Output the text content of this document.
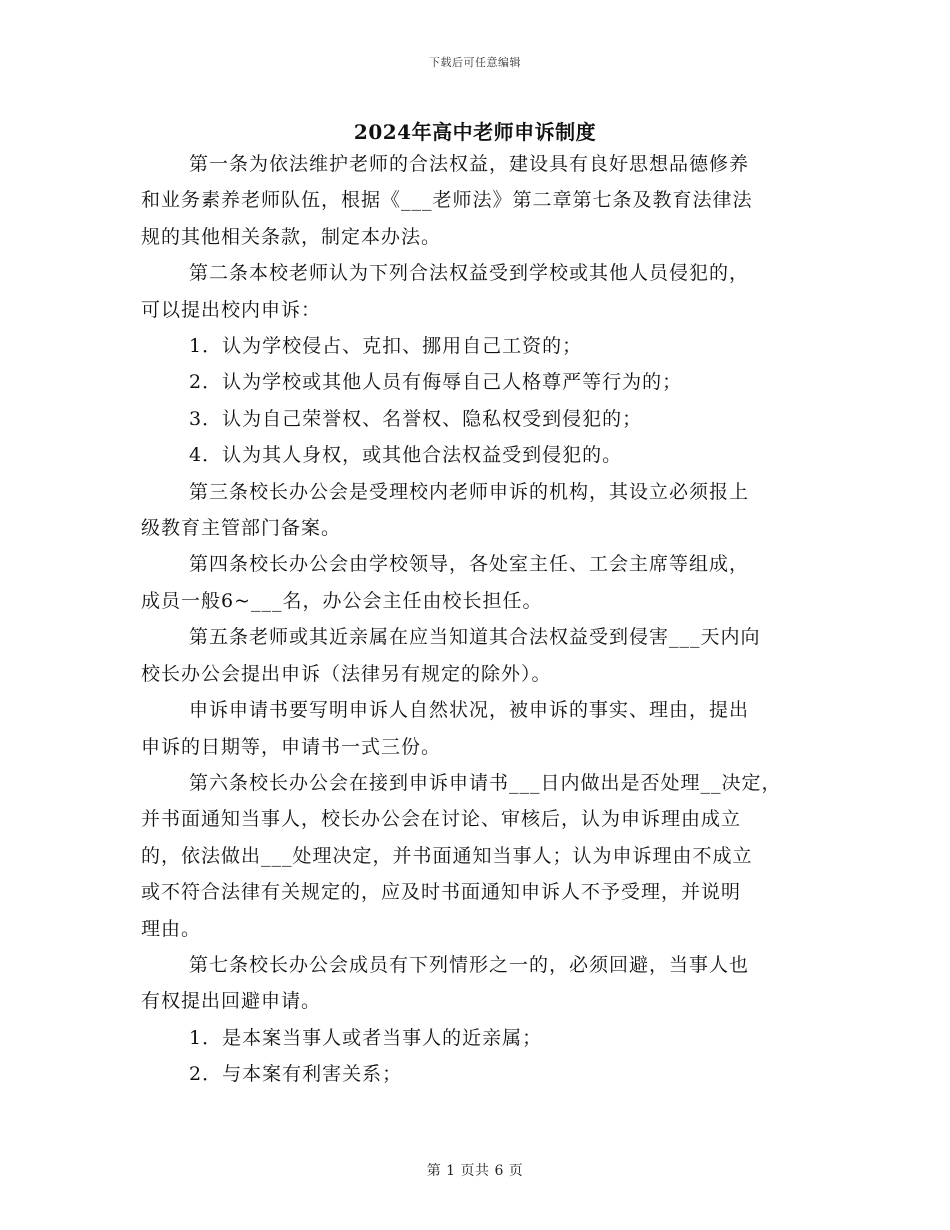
下载后可任意编辑
2024年高中老师申诉制度

第一条为依法维护老师的合法权益，建设具有良好思想品德修养

和业务素养老师队伍，根据《___老师法》第二章第七条及教育法律法

规的其他相关条款，制定本办法。

第二条本校老师认为下列合法权益受到学校或其他人员侵犯的，

可以提出校内申诉：

1．认为学校侵占、克扣、挪用自己工资的；

2．认为学校或其他人员有侮辱自己人格尊严等行为的；

3．认为自己荣誉权、名誉权、隐私权受到侵犯的；

4．认为其人身权，或其他合法权益受到侵犯的。

第三条校长办公会是受理校内老师申诉的机构，其设立必须报上

级教育主管部门备案。

第四条校长办公会由学校领导，各处室主任、工会主席等组成，

成员一般6~___名，办公会主任由校长担任。

第五条老师或其近亲属在应当知道其合法权益受到侵害___天内向

校长办公会提出申诉（法律另有规定的除外）。

申诉申请书要写明申诉人自然状况，被申诉的事实、理由，提出

申诉的日期等，申请书一式三份。

第六条校长办公会在接到申诉申请书___日内做出是否处理__决定，

并书面通知当事人，校长办公会在讨论、审核后，认为申诉理由成立

的，依法做出___处理决定，并书面通知当事人；认为申诉理由不成立

或不符合法律有关规定的，应及时书面通知申诉人不予受理，并说明

理由。

第七条校长办公会成员有下列情形之一的，必须回避，当事人也

有权提出回避申请。

1．是本案当事人或者当事人的近亲属；

2．与本案有利害关系；

第 1 页共 6 页
